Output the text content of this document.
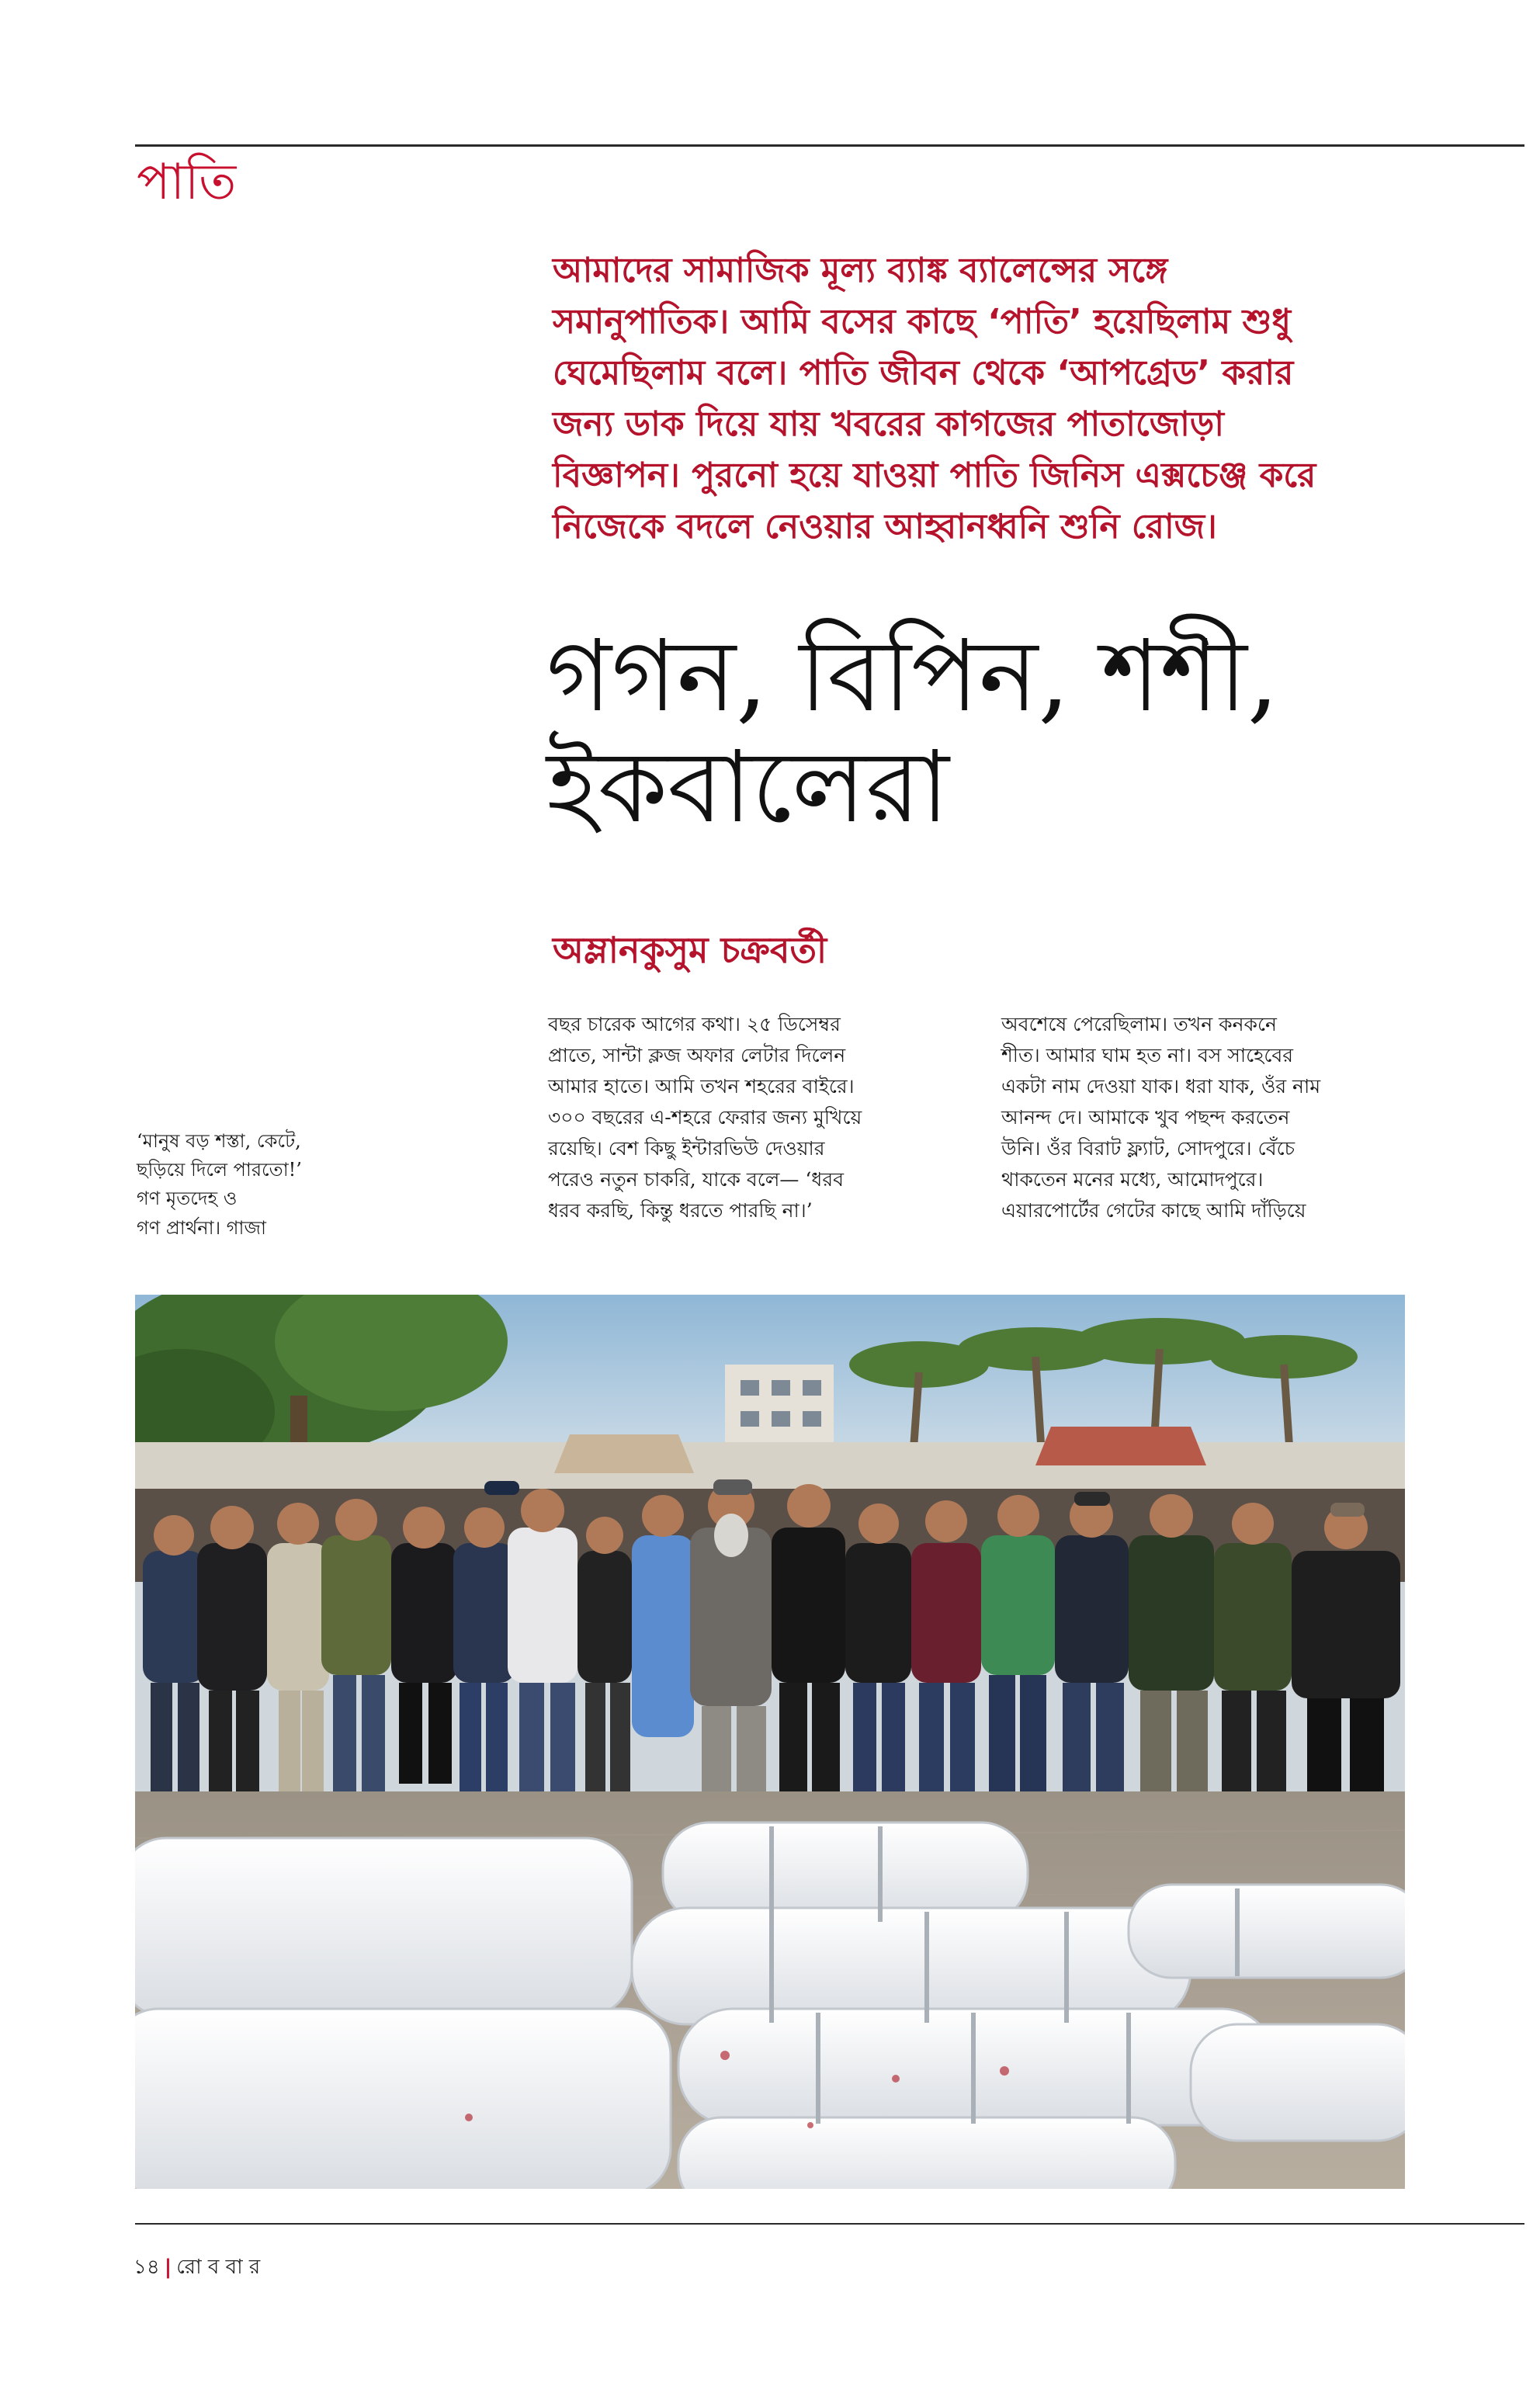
পাতি
আমাদের সামাজিক মূল্য ব্যাঙ্ক ব্যালেন্সের সঙ্গে
সমানুপাতিক। আমি বসের কাছে ‘পাতি’ হয়েছিলাম শুধু
ঘেমেছিলাম বলে। পাতি জীবন থেকে ‘আপগ্রেড’ করার
জন্য ডাক দিয়ে যায় খবরের কাগজের পাতাজোড়া
বিজ্ঞাপন। পুরনো হয়ে যাওয়া পাতি জিনিস এক্সচেঞ্জ করে
নিজেকে বদলে নেওয়ার আহ্বানধ্বনি শুনি রোজ।
গগন, বিপিন, শশী,
ইকবালেরা
অম্লানকুসুম চক্রবর্তী
‘মানুষ বড় শস্তা, কেটে,
ছড়িয়ে দিলে পারতো!’
গণ মৃতদেহ ও
গণ প্রার্থনা। গাজা
বছর চারেক আগের কথা। ২৫ ডিসেম্বর
প্রাতে, সান্টা ক্লজ অফার লেটার দিলেন
আমার হাতে। আমি তখন শহরের বাইরে।
৩০০ বছরের এ-শহরে ফেরার জন্য মুখিয়ে
রয়েছি। বেশ কিছু ইন্টারভিউ দেওয়ার
পরেও নতুন চাকরি, যাকে বলে— ‘ধরব
ধরব করছি, কিন্তু ধরতে পারছি না।’
অবশেষে পেরেছিলাম। তখন কনকনে
শীত। আমার ঘাম হত না। বস সাহেবের
একটা নাম দেওয়া যাক। ধরা যাক, ওঁর নাম
আনন্দ দে। আমাকে খুব পছন্দ করতেন
উনি। ওঁর বিরাট ফ্ল্যাট, সোদপুরে। বেঁচে
থাকতেন মনের মধ্যে, আমোদপুরে।
এয়ারপোর্টের গেটের কাছে আমি দাঁড়িয়ে
১৪ | রো ব বা র
